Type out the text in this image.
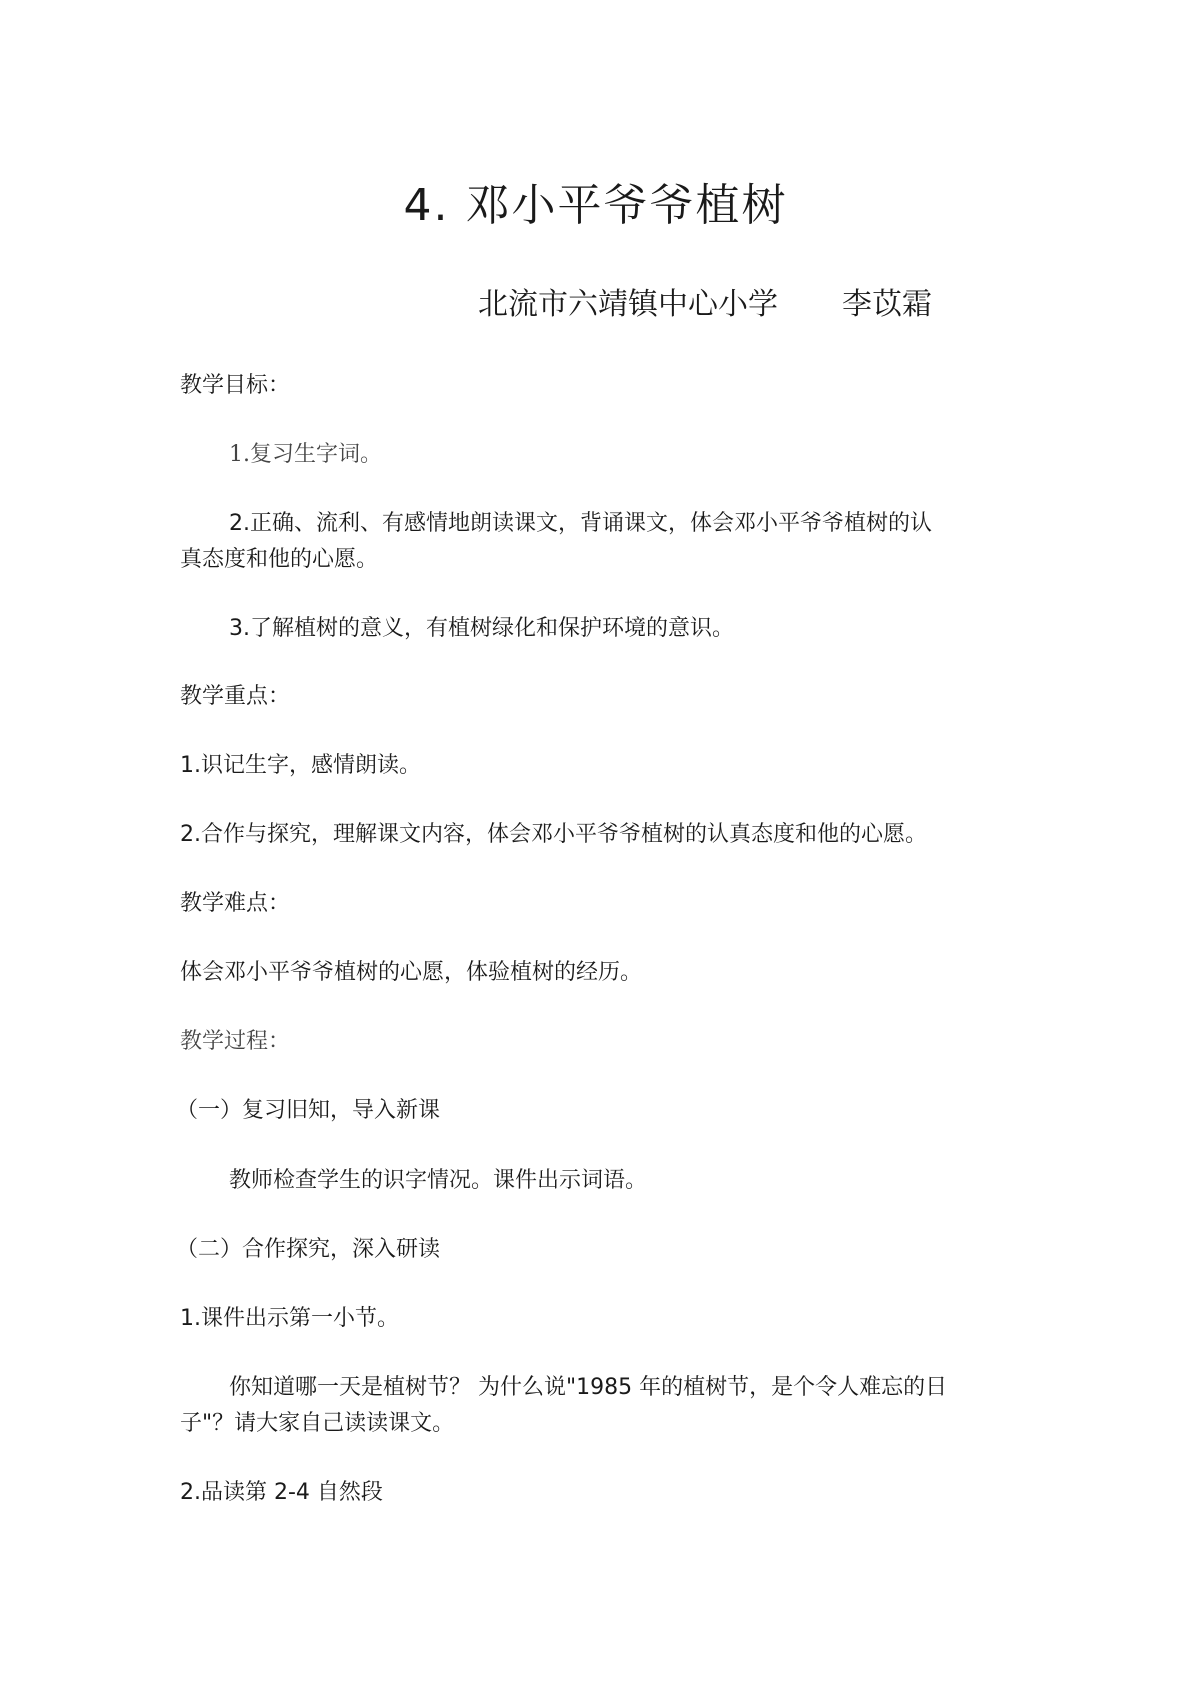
4. 邓小平爷爷植树
北流市六靖镇中心小学 李苡霜
教学目标：
1.复习生字词。
2.正确、流利、有感情地朗读课文，背诵课文，体会邓小平爷爷植树的认
真态度和他的心愿。
3.了解植树的意义，有植树绿化和保护环境的意识。
教学重点：
1.识记生字，感情朗读。
2.合作与探究，理解课文内容，体会邓小平爷爷植树的认真态度和他的心愿。
教学难点：
体会邓小平爷爷植树的心愿，体验植树的经历。
教学过程：
（一）复习旧知，导入新课
教师检查学生的识字情况。课件出示词语。
（二）合作探究，深入研读
1.课件出示第一小节。
你知道哪一天是植树节？ 为什么说"1985 年的植树节，是个令人难忘的日
子"？请大家自己读读课文。
2.品读第 2-4 自然段
